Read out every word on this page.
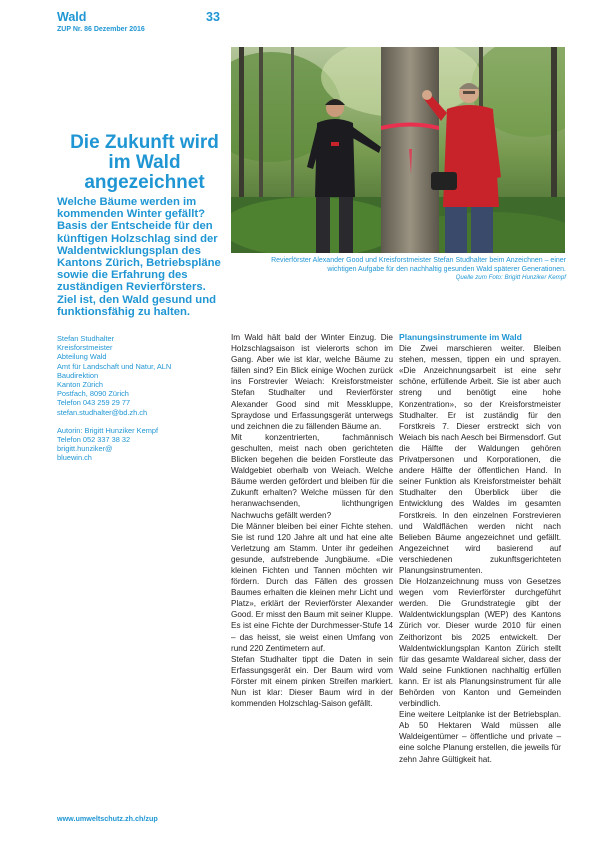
Wald
ZUP Nr. 86 Dezember 2016
33
Die Zukunft wird im Wald angezeichnet

Welche Bäume werden im kommenden Winter gefällt? Basis der Entscheide für den künftigen Holzschlag sind der Waldentwicklungsplan des Kantons Zürich, Betriebspläne sowie die Erfahrung des zuständigen Revierförsters. Ziel ist, den Wald gesund und funktionsfähig zu halten.

Stefan Studhalter
Kreisforstmeister
Abteilung Wald
Amt für Landschaft und Natur, ALN
Baudirektion
Kanton Zürich
Postfach, 8090 Zürich
Telefon 043 259 29 77
stefan.studhalter@bd.zh.ch
Autorin: Brigitt Hunziker Kempf
Telefon 052 337 38 32
brigitt.hunziker@
bluewin.ch
Revierförster Alexander Good und Kreisforstmeister Stefan Studhalter beim Anzeichnen – einer wichtigen Aufgabe für den nachhaltig gesunden Wald späterer Generationen.
Quelle zum Foto: Brigitt Hunziker Kempf

Im Wald hält bald der Winter Einzug. Die Holzschlagsaison ist vielerorts schon im Gang. Aber wie ist klar, welche Bäume zu fällen sind? Ein Blick einige Wochen zurück ins Forstrevier Weiach: Kreisforstmeister Stefan Studhalter und Revierförster Alexander Good sind mit Messkluppe, Spraydose und Erfassungsgerät unterwegs und zeichnen die zu fällenden Bäume an.

Mit konzentrierten, fachmännisch geschulten, meist nach oben gerichteten Blicken begehen die beiden Forstleute das Waldgebiet oberhalb von Weiach. Welche Bäume werden gefördert und bleiben für die Zukunft erhalten? Welche müssen für den heranwachsenden, lichthungrigen Nachwuchs gefällt werden?

Die Männer bleiben bei einer Fichte stehen. Sie ist rund 120 Jahre alt und hat eine alte Verletzung am Stamm. Unter ihr gedeihen gesunde, aufstrebende Jungbäume. «Die kleinen Fichten und Tannen möchten wir fördern. Durch das Fällen des grossen Baumes erhalten die kleinen mehr Licht und Platz», erklärt der Revierförster Alexander Good. Er misst den Baum mit seiner Kluppe. Es ist eine Fichte der Durchmesser-Stufe 14 – das heisst, sie weist einen Umfang von rund 220 Zentimetern auf.

Stefan Studhalter tippt die Daten in sein Erfassungsgerät ein. Der Baum wird vom Förster mit einem pinken Streifen markiert. Nun ist klar: Dieser Baum wird in der kommenden Holzschlag-Saison gefällt.

Planungsinstrumente im Wald

Die Zwei marschieren weiter. Bleiben stehen, messen, tippen ein und sprayen. «Die Anzeichnungsarbeit ist eine sehr schöne, erfüllende Arbeit. Sie ist aber auch streng und benötigt eine hohe Konzentration», so der Kreisforstmeister Studhalter. Er ist zuständig für den Forstkreis 7. Dieser erstreckt sich von Weiach bis nach Aesch bei Birmensdorf. Gut die Hälfte der Waldungen gehören Privatpersonen und Korporationen, die andere Hälfte der öffentlichen Hand. In seiner Funktion als Kreisforstmeister behält Studhalter den Überblick über die Entwicklung des Waldes im gesamten Forstkreis. In den einzelnen Forstrevieren und Waldflächen werden nicht nach Belieben Bäume angezeichnet und gefällt. Angezeichnet wird basierend auf verschiedenen zukunftsgerichteten Planungsinstrumenten.

Die Holzanzeichnung muss von Gesetzes wegen vom Revierförster durchgeführt werden. Die Grundstrategie gibt der Waldentwicklungsplan (WEP) des Kantons Zürich vor. Dieser wurde 2010 für einen Zeithorizont bis 2025 entwickelt. Der Waldentwicklungsplan Kanton Zürich stellt für das gesamte Waldareal sicher, dass der Wald seine Funktionen nachhaltig erfüllen kann. Er ist als Planungsinstrument für alle Behörden von Kanton und Gemeinden verbindlich.

Eine weitere Leitplanke ist der Betriebsplan. Ab 50 Hektaren Wald müssen alle Waldeigentümer – öffentliche und private – eine solche Planung erstellen, die jeweils für zehn Jahre Gültigkeit hat.

www.umweltschutz.zh.ch/zup
